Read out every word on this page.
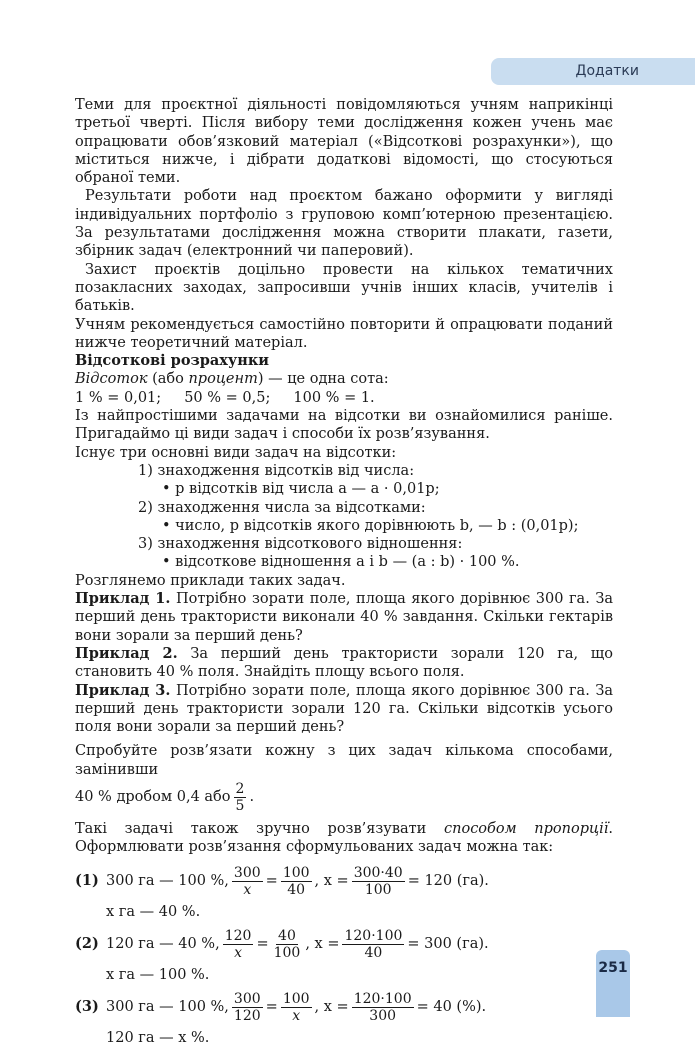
Додатки

Теми для проєктної діяльності повідомляються учням наприкінці третьої чверті. Після вибору теми дослідження кожен учень має опрацювати обов’язковий матеріал («Відсоткові розрахунки»), що міститься нижче, і дібрати додаткові відомості, що стосуються обраної теми.

Результати роботи над проєктом бажано оформити у вигляді індивідуальних портфоліо з груповою комп’ютерною презентацією. За результатами дослідження можна створити плакати, газети, збірник задач (електронний чи паперовий).

Захист проєктів доцільно провести на кількох тематичних позакласних заходах, запросивши учнів інших класів, учителів і батьків.

Учням рекомендується самостійно повторити й опрацювати поданий нижче теоретичний матеріал.

Відсоткові розрахунки

Відсоток (або процент) — це одна сота:

1 % = 0,01;     50 % = 0,5;     100 % = 1.

Із найпростішими задачами на відсотки ви ознайомилися раніше. Пригадаймо ці види задач і способи їх розв’язування.

Існує три основні види задач на відсотки:

1) знаходження відсотків від числа:

• p відсотків від числа a — a · 0,01p;

2) знаходження числа за відсотками:

• число, p відсотків якого дорівнюють b, — b : (0,01p);

3) знаходження відсоткового відношення:

• відсоткове відношення a і b — (a : b) · 100 %.

Розглянемо приклади таких задач.

Приклад 1. Потрібно зорати поле, площа якого дорівнює 300 га. За перший день трактористи виконали 40 % завдання. Скільки гектарів вони зорали за перший день?

Приклад 2. За перший день трактористи зорали 120 га, що становить 40 % поля. Знайдіть площу всього поля.

Приклад 3. Потрібно зорати поле, площа якого дорівнює 300 га. За перший день трактористи зорали 120 га. Скільки відсотків усього поля вони зорали за перший день?

Спробуйте розв’язати кожну з цих задач кількома способами, замінивши

40 % дробом 0,4 або $\frac{2}{5}$ .

Такі задачі також зручно розв’язувати способом пропорції. Оформлювати розв’язання сформульованих задач можна так:

(1) 300 га — 100 %, $\frac{300}{x} = \frac{100}{40}$ , $x = \frac{300\cdot 40}{100} = 120$ (га).
x га — 40 %.
(2) 120 га — 40 %, $\frac{120}{x} = \frac{40}{100}$ , $x = \frac{120\cdot 100}{40} = 300$ (га).
x га — 100 %.
(3) 300 га — 100 %, $\frac{300}{120} = \frac{100}{x}$ , $x = \frac{120\cdot 100}{300} = 40$ (%).
120 га — x %.
251
